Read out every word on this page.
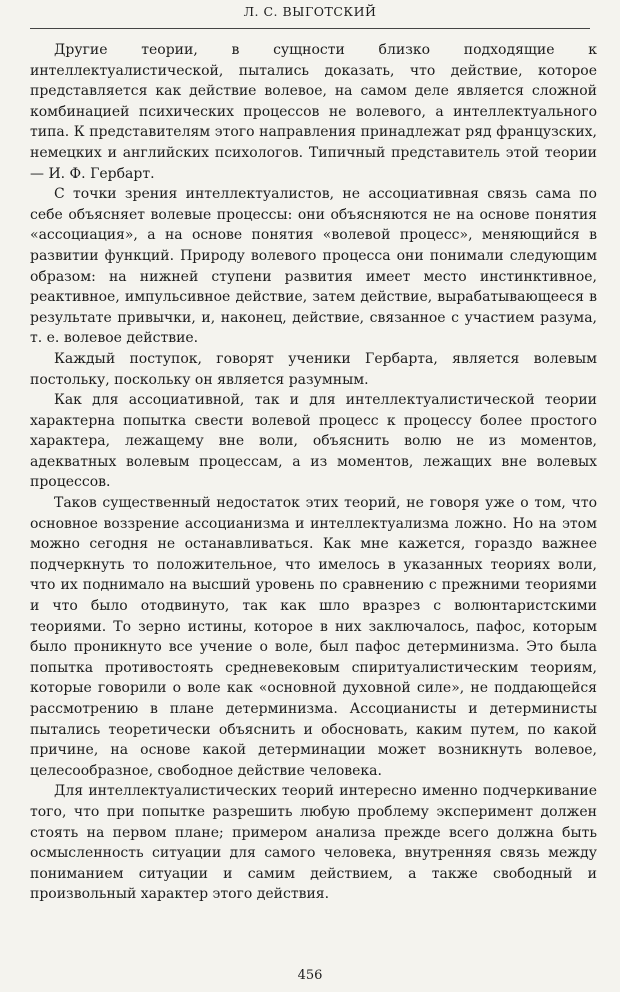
Л. С. ВЫГОТСКИЙ

Другие теории, в сущности близко подходящие к интеллектуалистической, пытались доказать, что действие, которое представляется как действие волевое, на самом деле является сложной комбинацией психических процессов не волевого, а интеллектуального типа. К представителям этого направления принадлежат ряд французских, немецких и английских психологов. Типичный представитель этой теории — И. Ф. Гербарт.

С точки зрения интеллектуалистов, не ассоциативная связь сама по себе объясняет волевые процессы: они объясняются не на основе понятия «ассоциация», а на основе понятия «волевой процесс», меняющийся в развитии функций. Природу волевого процесса они понимали следующим образом: на нижней ступени развития имеет место инстинктивное, реактивное, импульсивное действие, затем действие, вырабатывающееся в результате привычки, и, наконец, действие, связанное с участием разума, т. е. волевое действие.

Каждый поступок, говорят ученики Гербарта, является волевым постольку, поскольку он является разумным.

Как для ассоциативной, так и для интеллектуалистической теории характерна попытка свести волевой процесс к процессу более простого характера, лежащему вне воли, объяснить волю не из моментов, адекватных волевым процессам, а из моментов, лежащих вне волевых процессов.

Таков существенный недостаток этих теорий, не говоря уже о том, что основное воззрение ассоцианизма и интеллектуализма ложно. Но на этом можно сегодня не останавливаться. Как мне кажется, гораздо важнее подчеркнуть то положительное, что имелось в указанных теориях воли, что их поднимало на высший уровень по сравнению с прежними теориями и что было отодвинуто, так как шло вразрез с волюнтаристскими теориями. То зерно истины, которое в них заключалось, пафос, которым было проникнуто все учение о воле, был пафос детерминизма. Это была попытка противостоять средневековым спиритуалистическим теориям, которые говорили о воле как «основной духовной силе», не поддающейся рассмотрению в плане детерминизма. Ассоцианисты и детерминисты пытались теоретически объяснить и обосновать, каким путем, по какой причине, на основе какой детерминации может возникнуть волевое, целесообразное, свободное действие человека.

Для интеллектуалистических теорий интересно именно подчеркивание того, что при попытке разрешить любую проблему эксперимент должен стоять на первом плане; примером анализа прежде всего должна быть осмысленность ситуации для самого человека, внутренняя связь между пониманием ситуации и самим действием, а также свободный и произвольный характер этого действия.

456
